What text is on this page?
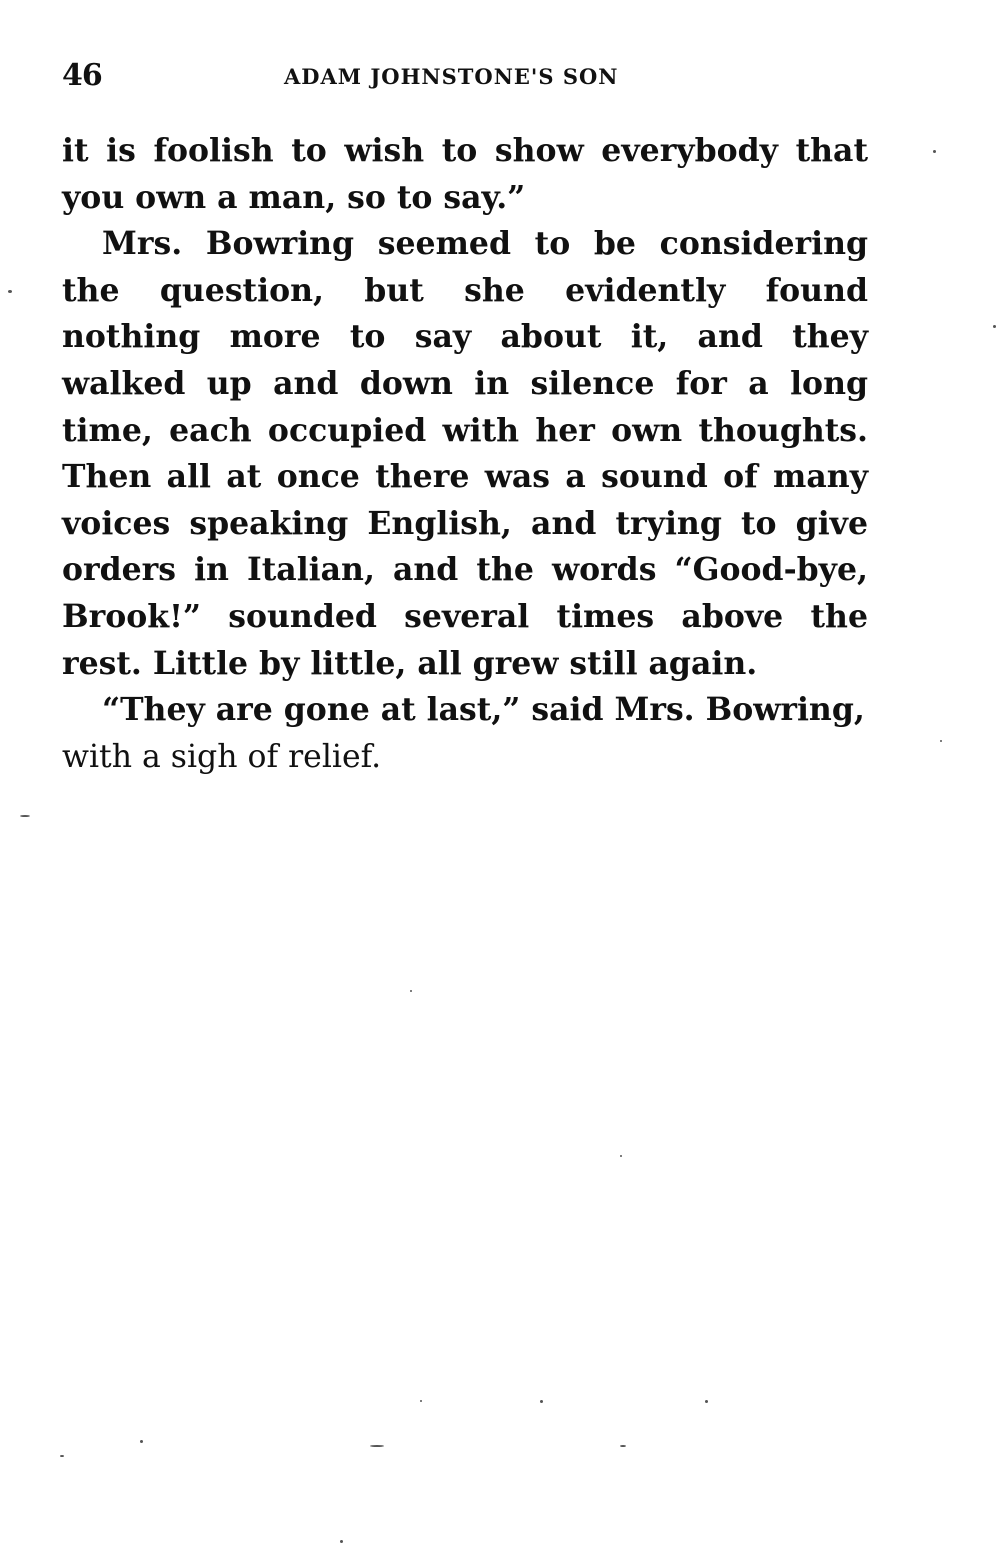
46	ADAM JOHNSTONE'S SON

it is foolish to wish to show everybody that you own a man, so to say.”

Mrs. Bowring seemed to be considering the question, but she evidently found nothing more to say about it, and they walked up and down in silence for a long time, each occupied with her own thoughts. Then all at once there was a sound of many voices speaking English, and trying to give orders in Italian, and the words “Good-bye, Brook!” sounded several times above the rest. Little by little, all grew still again.

“They are gone at last,” said Mrs. Bowring,
with a sigh of relief.
